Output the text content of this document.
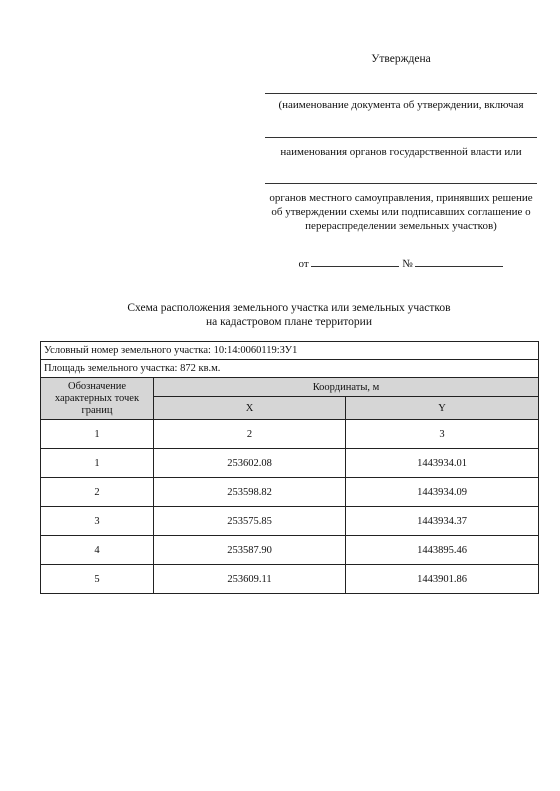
Утверждена
(наименование документа об утверждении, включая
наименования органов государственной власти или
органов местного самоуправления, принявших решение об утверждении схемы или подписавших соглашение о перераспределении земельных участков)
от	№
Схема расположения земельного участка или земельных участков
на кадастровом плане территории
Условный номер земельного участка: 10:14:0060119:ЗУ1		
Площадь земельного участка: 872 кв.м.		
Обозначение характерных точек границ	Координаты, м	
	X	Y
1	2	3
1	253602.08	1443934.01
2	253598.82	1443934.09
3	253575.85	1443934.37
4	253587.90	1443895.46
5	253609.11	1443901.86
